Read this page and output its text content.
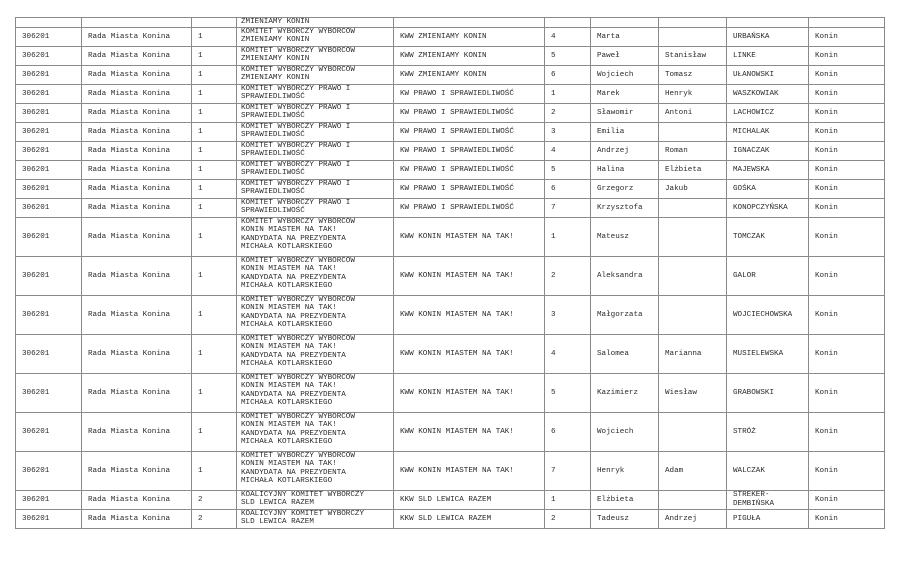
			ZMIENIAMY KONIN						
306201	Rada Miasta Konina	1	KOMITET WYBORCZY WYBORCÓW
ZMIENIAMY KONIN	KWW ZMIENIAMY KONIN	4	Marta		URBAŃSKA	Konin
306201	Rada Miasta Konina	1	KOMITET WYBORCZY WYBORCÓW
ZMIENIAMY KONIN	KWW ZMIENIAMY KONIN	5	Paweł	Stanisław	LINKE	Konin
306201	Rada Miasta Konina	1	KOMITET WYBORCZY WYBORCÓW
ZMIENIAMY KONIN	KWW ZMIENIAMY KONIN	6	Wojciech	Tomasz	UŁANOWSKI	Konin
306201	Rada Miasta Konina	1	KOMITET WYBORCZY PRAWO I
SPRAWIEDLIWOŚĆ	KW PRAWO I SPRAWIEDLIWOŚĆ	1	Marek	Henryk	WASZKOWIAK	Konin
306201	Rada Miasta Konina	1	KOMITET WYBORCZY PRAWO I
SPRAWIEDLIWOŚĆ	KW PRAWO I SPRAWIEDLIWOŚĆ	2	Sławomir	Antoni	LACHOWICZ	Konin
306201	Rada Miasta Konina	1	KOMITET WYBORCZY PRAWO I
SPRAWIEDLIWOŚĆ	KW PRAWO I SPRAWIEDLIWOŚĆ	3	Emilia		MICHALAK	Konin
306201	Rada Miasta Konina	1	KOMITET WYBORCZY PRAWO I
SPRAWIEDLIWOŚĆ	KW PRAWO I SPRAWIEDLIWOŚĆ	4	Andrzej	Roman	IGNACZAK	Konin
306201	Rada Miasta Konina	1	KOMITET WYBORCZY PRAWO I
SPRAWIEDLIWOŚĆ	KW PRAWO I SPRAWIEDLIWOŚĆ	5	Halina	Elżbieta	MAJEWSKA	Konin
306201	Rada Miasta Konina	1	KOMITET WYBORCZY PRAWO I
SPRAWIEDLIWOŚĆ	KW PRAWO I SPRAWIEDLIWOŚĆ	6	Grzegorz	Jakub	GOŚKA	Konin
306201	Rada Miasta Konina	1	KOMITET WYBORCZY PRAWO I
SPRAWIEDLIWOŚĆ	KW PRAWO I SPRAWIEDLIWOŚĆ	7	Krzysztofa		KONOPCZYŃSKA	Konin
306201	Rada Miasta Konina	1	KOMITET WYBORCZY WYBORCÓW
KONIN MIASTEM NA TAK!
KANDYDATA NA PREZYDENTA
MICHAŁA KOTLARSKIEGO	KWW KONIN MIASTEM NA TAK!	1	Mateusz		TOMCZAK	Konin
306201	Rada Miasta Konina	1	KOMITET WYBORCZY WYBORCÓW
KONIN MIASTEM NA TAK!
KANDYDATA NA PREZYDENTA
MICHAŁA KOTLARSKIEGO	KWW KONIN MIASTEM NA TAK!	2	Aleksandra		GALOR	Konin
306201	Rada Miasta Konina	1	KOMITET WYBORCZY WYBORCÓW
KONIN MIASTEM NA TAK!
KANDYDATA NA PREZYDENTA
MICHAŁA KOTLARSKIEGO	KWW KONIN MIASTEM NA TAK!	3	Małgorzata		WOJCIECHOWSKA	Konin
306201	Rada Miasta Konina	1	KOMITET WYBORCZY WYBORCÓW
KONIN MIASTEM NA TAK!
KANDYDATA NA PREZYDENTA
MICHAŁA KOTLARSKIEGO	KWW KONIN MIASTEM NA TAK!	4	Salomea	Marianna	MUSIELEWSKA	Konin
306201	Rada Miasta Konina	1	KOMITET WYBORCZY WYBORCÓW
KONIN MIASTEM NA TAK!
KANDYDATA NA PREZYDENTA
MICHAŁA KOTLARSKIEGO	KWW KONIN MIASTEM NA TAK!	5	Kazimierz	Wiesław	GRABOWSKI	Konin
306201	Rada Miasta Konina	1	KOMITET WYBORCZY WYBORCÓW
KONIN MIASTEM NA TAK!
KANDYDATA NA PREZYDENTA
MICHAŁA KOTLARSKIEGO	KWW KONIN MIASTEM NA TAK!	6	Wojciech		STRÓŻ	Konin
306201	Rada Miasta Konina	1	KOMITET WYBORCZY WYBORCÓW
KONIN MIASTEM NA TAK!
KANDYDATA NA PREZYDENTA
MICHAŁA KOTLARSKIEGO	KWW KONIN MIASTEM NA TAK!	7	Henryk	Adam	WALCZAK	Konin
306201	Rada Miasta Konina	2	KOALICYJNY KOMITET WYBORCZY
SLD LEWICA RAZEM	KKW SLD LEWICA RAZEM	1	Elżbieta		STREKER-
DEMBIŃSKA	Konin
306201	Rada Miasta Konina	2	KOALICYJNY KOMITET WYBORCZY
SLD LEWICA RAZEM	KKW SLD LEWICA RAZEM	2	Tadeusz	Andrzej	PIGUŁA	Konin
